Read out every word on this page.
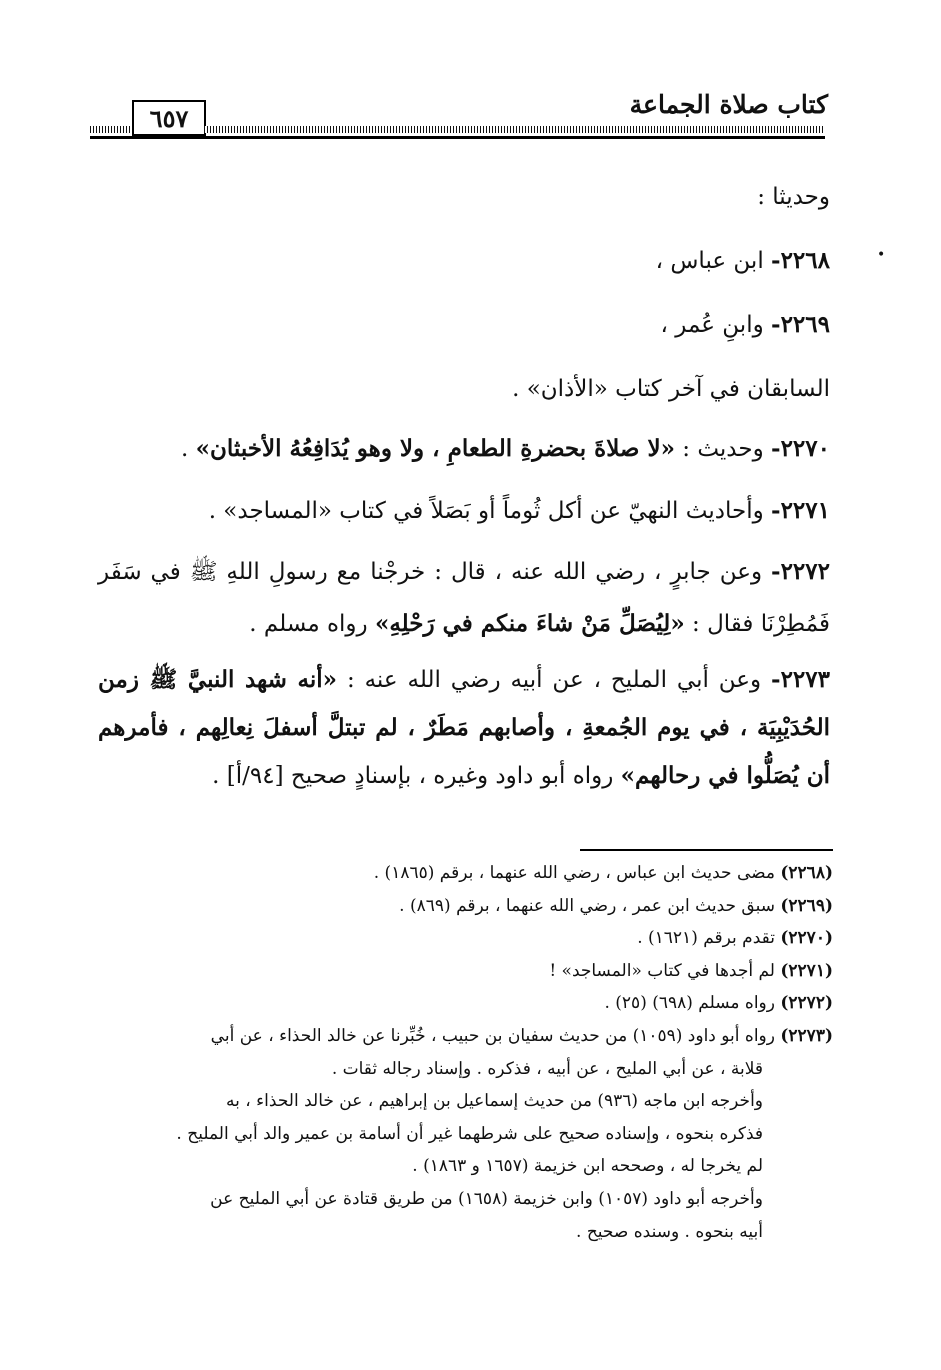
كتاب صلاة الجماعة
٦٥٧
•

وحديثا :

٢٢٦٨- ابن عباس ،

٢٢٦٩- وابنِ عُمر ،

السابقان في آخر كتاب «الأذان» .

٢٢٧٠- وحديث : «لا صلاةَ بحضرةِ الطعامِ ، ولا وهو يُدَافِعُهُ الأخبثان» .

٢٢٧١- وأحاديث النهيّ عن أكل ثُوماً أو بَصَلاً في كتاب «المساجد» .

٢٢٧٢- وعن جابرٍ ، رضي الله عنه ، قال : خرجْنا مع رسولِ اللهِ ﷺ في سَفَر فَمُطِرْنَا فقال : «لِيُصَلِّ مَنْ شاءَ منكم في رَحْلِهِ» رواه مسلم .

٢٢٧٣- وعن أبي المليح ، عن أبيه رضي الله عنه : «أنه شهد النبيَّ ﷺ زمن الحُدَيْبِيَة ، في يوم الجُمعةِ ، وأصابهم مَطَرٌ ، لم تبتلَّ أسفلَ نِعالِهم ، فأمرهم أن يُصَلُّوا في رحالهم» رواه أبو داود وغيره ، بإسنادٍ صحيح [٩٤/أ] .

(٢٢٦٨) مضى حديث ابن عباس ، رضي الله عنهما ، برقم (١٨٦٥) .

(٢٢٦٩) سبق حديث ابن عمر ، رضي الله عنهما ، برقم (٨٦٩) .

(٢٢٧٠) تقدم برقم (١٦٢١) .

(٢٢٧١) لم أجدها في كتاب «المساجد» !

(٢٢٧٢) رواه مسلم (٦٩٨) (٢٥) .

(٢٢٧٣) رواه أبو داود (١٠٥٩) من حديث سفيان بن حبيب ، خُبِّرنا عن خالد الحذاء ، عن أبي

قلابة ، عن أبي المليح ، عن أبيه ، فذكره . وإسناد رجاله ثقات .

وأخرجه ابن ماجه (٩٣٦) من حديث إسماعيل بن إبراهيم ، عن خالد الحذاء ، به

فذكره بنحوه ، وإسناده صحيح على شرطهما غير أن أسامة بن عمير والد أبي المليح .

لم يخرجا له ، وصححه ابن خزيمة (١٦٥٧ و ١٨٦٣) .

وأخرجه أبو داود (١٠٥٧) وابن خزيمة (١٦٥٨) من طريق قتادة عن أبي المليح عن

أبيه بنحوه . وسنده صحيح .
